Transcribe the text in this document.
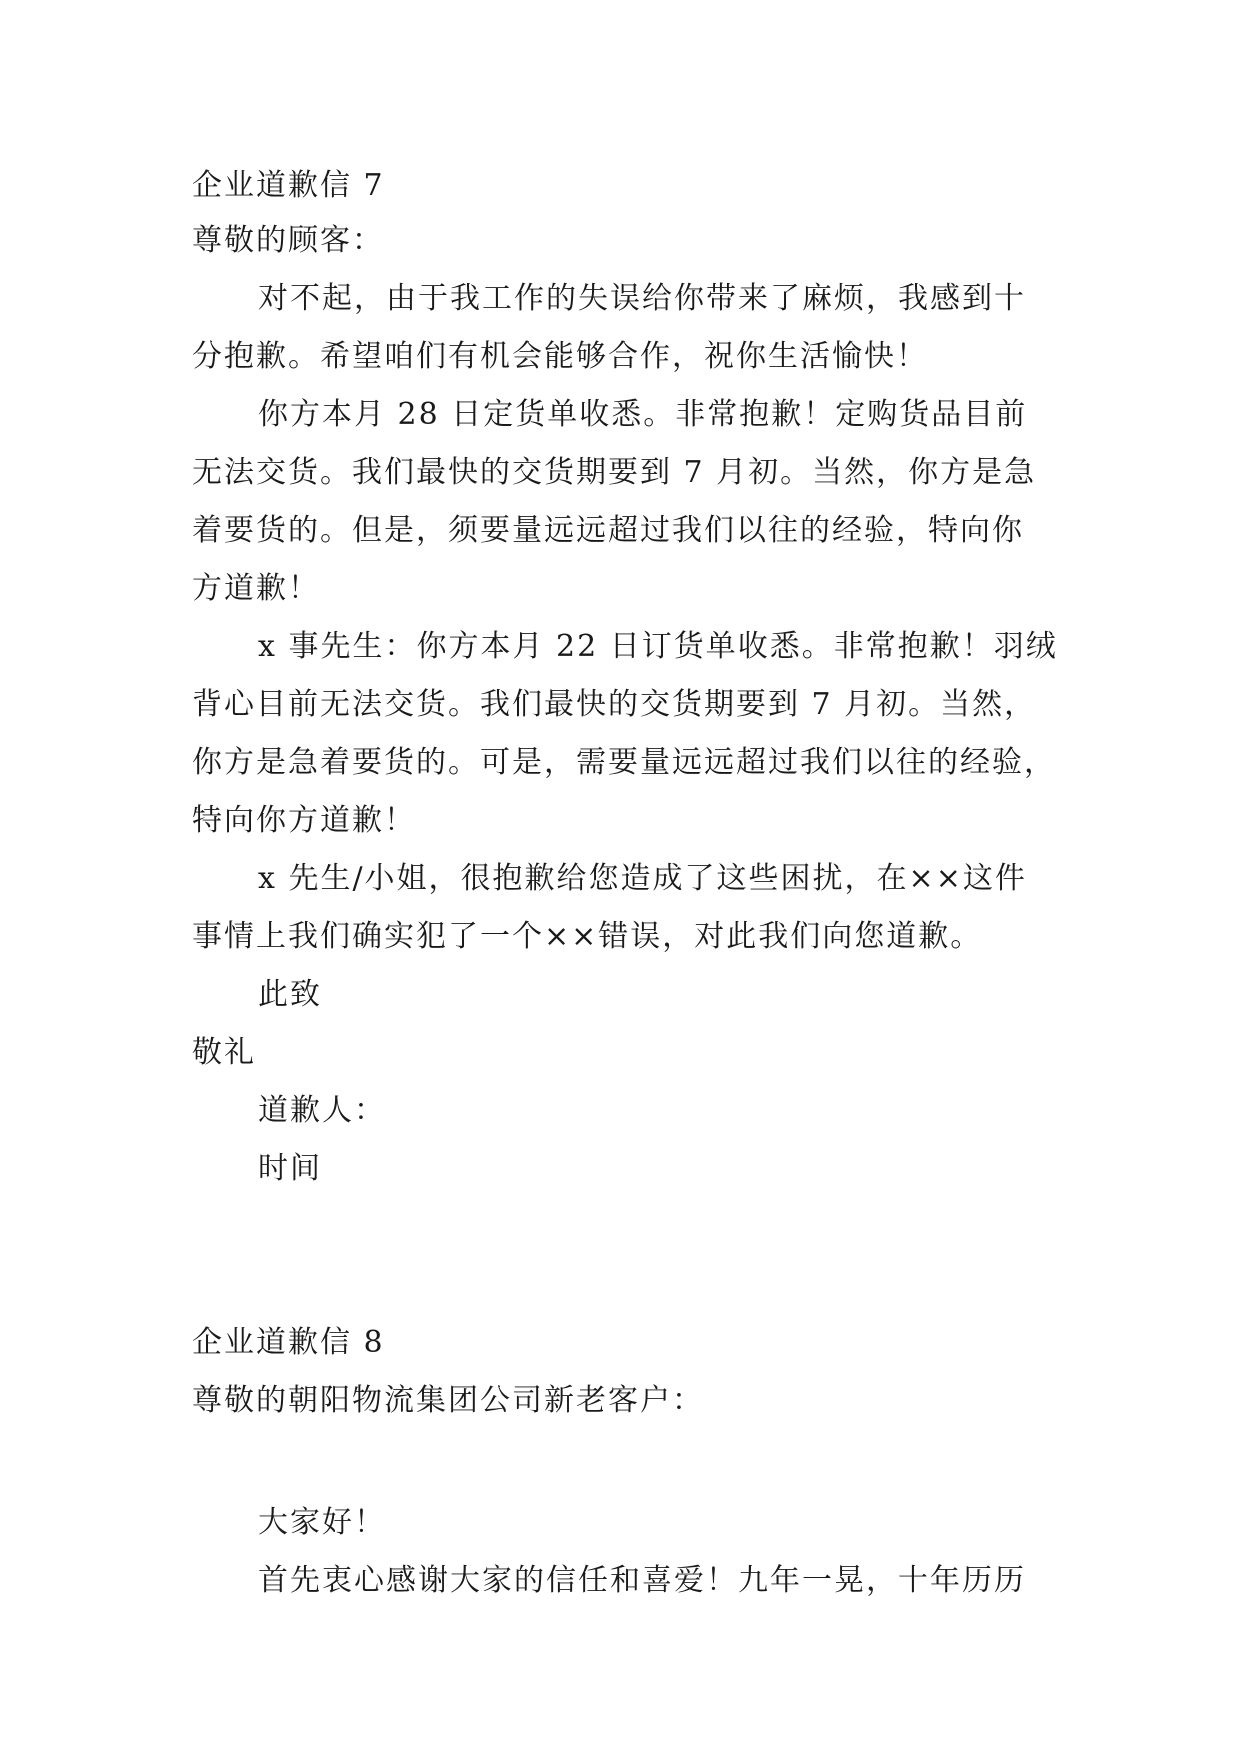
企业道歉信 7
尊敬的顾客：
对不起，由于我工作的失误给你带来了麻烦，我感到十
分抱歉。希望咱们有机会能够合作，祝你生活愉快！
你方本月 28 日定货单收悉。非常抱歉！定购货品目前
无法交货。我们最快的交货期要到 7 月初。当然，你方是急
着要货的。但是，须要量远远超过我们以往的经验，特向你
方道歉！
x 事先生：你方本月 22 日订货单收悉。非常抱歉！羽绒
背心目前无法交货。我们最快的交货期要到 7 月初。当然，
你方是急着要货的。可是，需要量远远超过我们以往的经验，
特向你方道歉！
x 先生/小姐，很抱歉给您造成了这些困扰，在××这件
事情上我们确实犯了一个××错误，对此我们向您道歉。
此致
敬礼
道歉人：
时间
企业道歉信 8
尊敬的朝阳物流集团公司新老客户：
大家好！
首先衷心感谢大家的信任和喜爱！九年一晃，十年历历
